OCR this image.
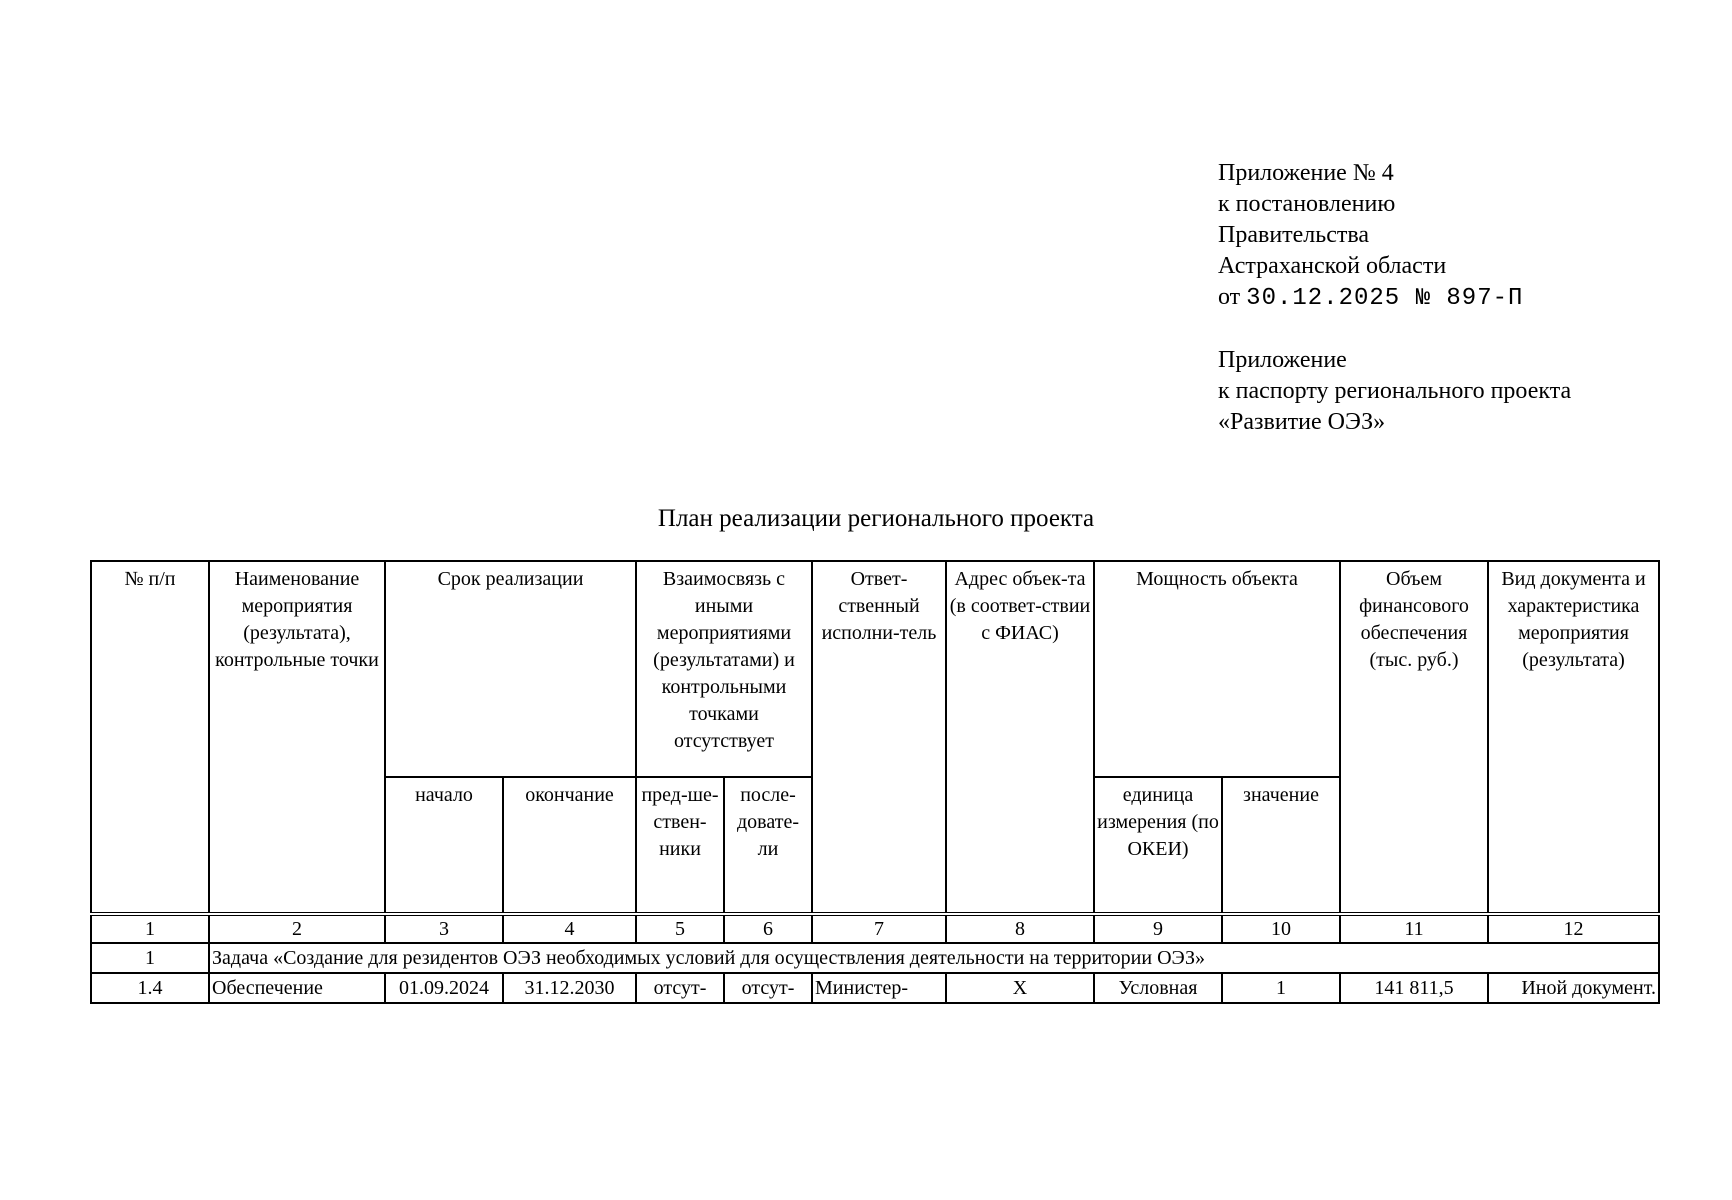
Приложение № 4
к постановлению
Правительства
Астраханской области
от 30.12.2025 № 897-П
Приложение
к паспорту регионального проекта
«Развитие ОЭЗ»
План реализации регионального проекта
№ п/п	Наименование мероприятия (результата), контрольные точки	Срок реализации		Взаимосвязь с иными мероприятиями (результатами) и контрольными точками отсутствует		Ответ-ственный исполни-тель	Адрес объек-та (в соответ-ствии с ФИАС)	Мощность объекта		Объем финансового обеспечения (тыс. руб.)	Вид документа и характеристика мероприятия (результата)
		начало	окончание	пред-ше-ствен-ники	после-довате-ли			единица измерения (по ОКЕИ)	значение		
1	2	3	4	5	6	7	8	9	10	11	12
1	Задача «Создание для резидентов ОЭЗ необходимых условий для осуществления деятельности на территории ОЭЗ»										
1.4	Обеспечение	01.09.2024	31.12.2030	отсут-	отсут-	Министер-	Х	Условная	1	141 811,5	Иной документ.
